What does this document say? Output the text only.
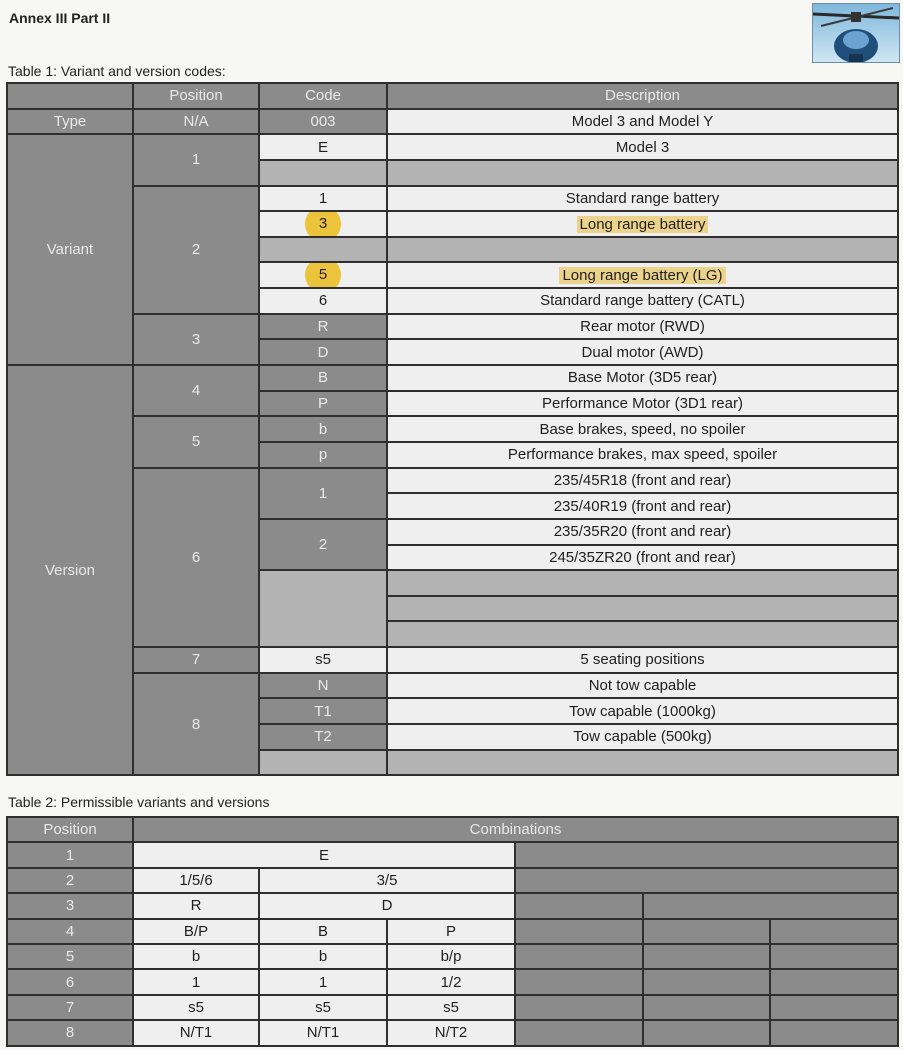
Annex III Part II
Table 1: Variant and version codes:
	Position	Code	Description
Type	N/A	003	Model 3 and Model Y
Variant	1	E	Model 3

	2	1	Standard range battery
		3	Long range battery

		5	Long range battery (LG)
		6	Standard range battery (CATL)
	3	R	Rear motor (RWD)
		D	Dual motor (AWD)
Version	4	B	Base Motor (3D5 rear)
		P	Performance Motor (3D1 rear)
	5	b	Base brakes, speed, no spoiler
		p	Performance brakes, max speed, spoiler
	6	1	235/45R18 (front and rear)
			235/40R19 (front and rear)
		2	235/35R20 (front and rear)
			245/35ZR20 (front and rear)

	7	s5	5 seating positions
	8	N	Not tow capable
		T1	Tow capable (1000kg)
		T2	Tow capable (500kg)

Table 2: Permissible variants and versions
Position	Combinations					
1	E					
2	1/5/6	3/5				
3	R	D				
4	B/P	B	P			
5	b	b	b/p			
6	1	1	1/2			
7	s5	s5	s5			
8	N/T1	N/T1	N/T2			
